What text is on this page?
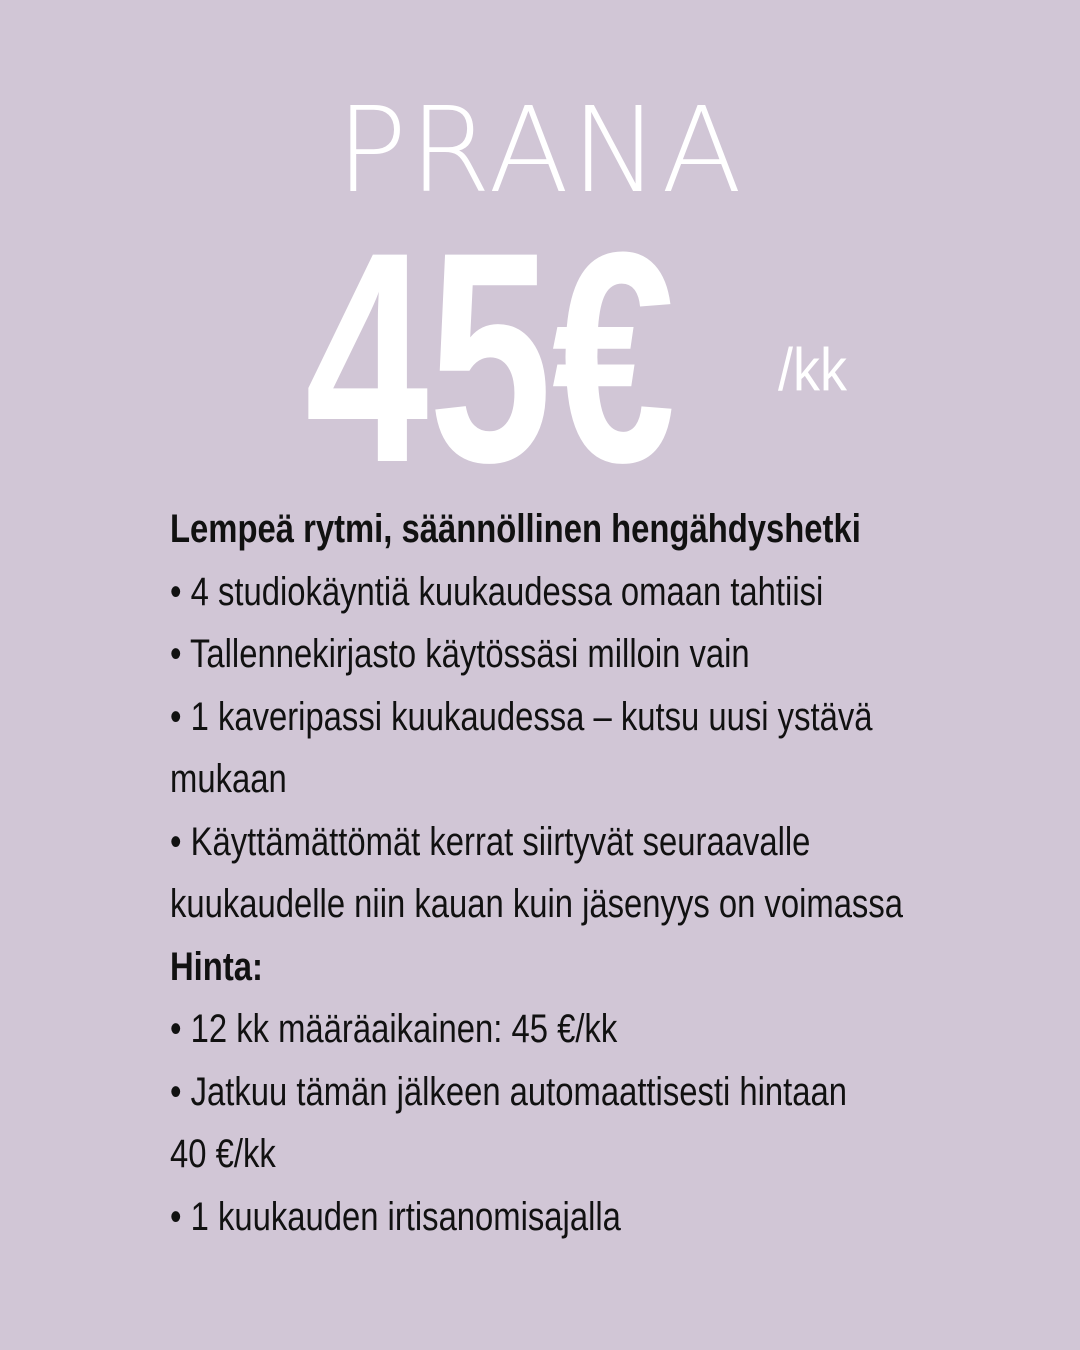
PRANA
45€ /kk
Lempeä rytmi, säännöllinen hengähdyshetki
• 4 studiokäyntiä kuukaudessa omaan tahtiisi
• Tallennekirjasto käytössäsi milloin vain
• 1 kaveripassi kuukaudessa – kutsu uusi ystävä
mukaan
• Käyttämättömät kerrat siirtyvät seuraavalle
kuukaudelle niin kauan kuin jäsenyys on voimassa
Hinta:
• 12 kk määräaikainen: 45 €/kk
• Jatkuu tämän jälkeen automaattisesti hintaan
40 €/kk
• 1 kuukauden irtisanomisajalla
